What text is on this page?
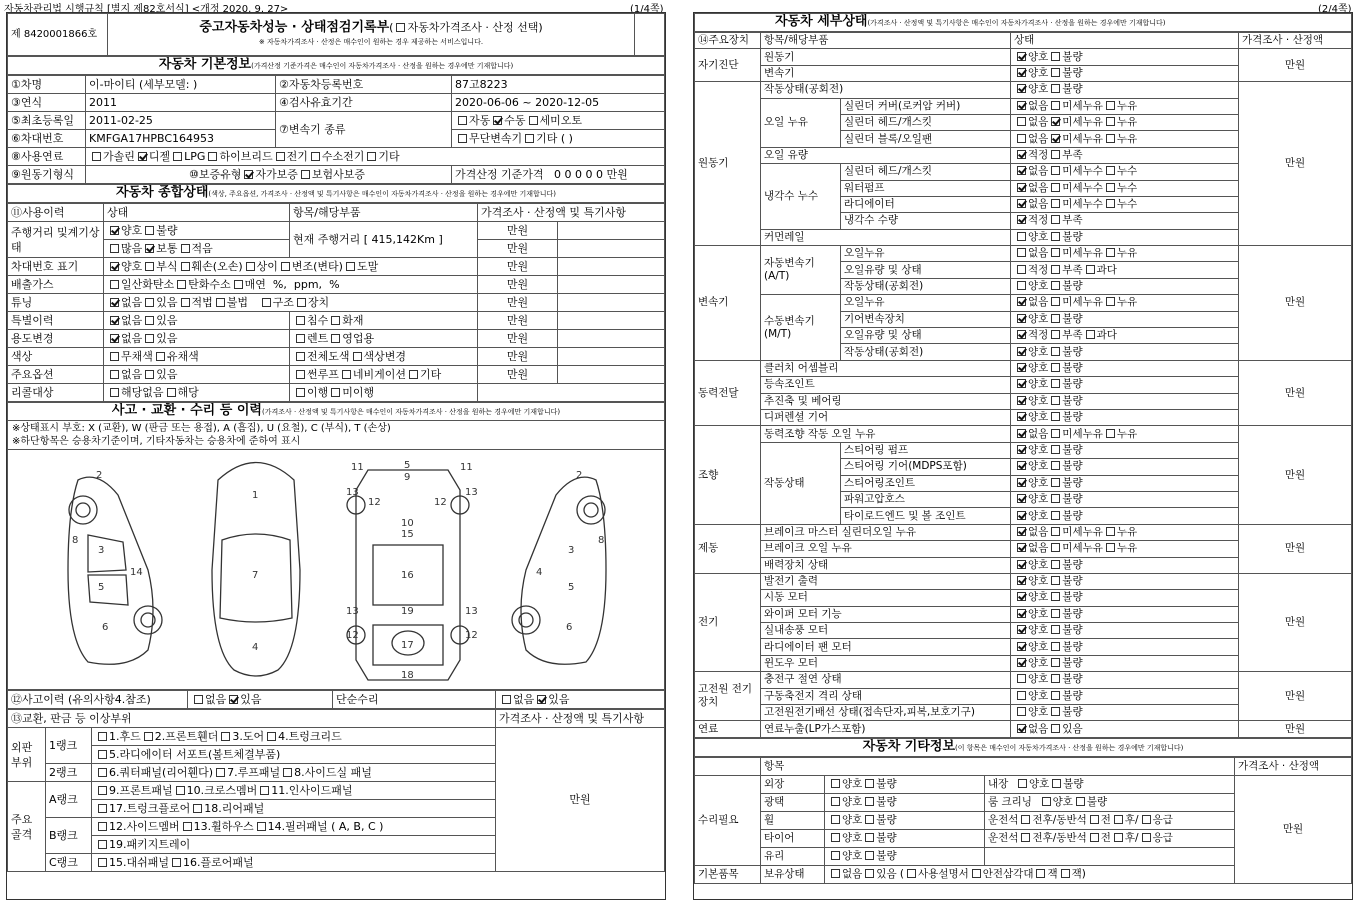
자동차관리법 시행규칙 [별지 제82호서식] <개정 2020. 9. 27>	(1/4쪽)	(2/4쪽)
제 8420001866호	중고자동차성능 · 상태점검기록부( 자동차가격조사 · 산정 선택)
※ 자동차가격조사 · 산정은 매수인이 원하는 경우 제공하는 서비스입니다.

자동차 기본정보(가격산정 기준가격은 매수인이 자동차가격조사 · 산정을 원하는 경우에만 기재합니다)
①차명	이-마이티 (세부모델: )	②자동차등록번호	87고8223
③연식	2011	④검사유효기간	2020-06-06 ~ 2020-12-05
⑤최초등록일	2011-02-25	⑦변속기 종류	자동 수동 세미오토
⑥차대번호	KMFGA17HPBC164953		무단변속기 기타 ( )
⑧사용연료	가솔린 디젤 LPG 하이브리드 전기 수소전기 기타		
⑨원동기형식	⑩보증유형 자가보증 보험사보증		가격산정 기준가격 0 0 0 0 0 만원
자동차 종합상태(색상, 주요옵션, 가격조사 · 산정액 및 특기사항은 매수인이 자동차가격조사 · 산정을 원하는 경우에만 기재합니다)
⑪사용이력	상태	항목/해당부품	가격조사 · 산정액 및 특기사항	
주행거리 및계기상태	양호 불량	현재 주행거리 [ 415,142Km ]	만원	
	많음 보통 적음		만원	
차대번호 표기	양호 부식 훼손(오손) 상이 변조(변타) 도말		만원	
배출가스	일산화탄소 탄화수소 매연 %, ppm, %		만원	
튜닝	없음 있음 적법 불법 구조 장치		만원	
특별이력	없음 있음	침수 화재	만원	
용도변경	없음 있음	렌트 영업용	만원	
색상	무채색 유채색	전체도색 색상변경	만원	
주요옵션	없음 있음	썬루프 네비게이션 기타	만원	
리콜대상	해당없음 해당	이행 미이행		
사고 · 교환 · 수리 등 이력(가격조사 · 산정액 및 특기사항은 매수인이 자동차가격조사 · 산정을 원하는 경우에만 기재합니다)
※상태표시 부호: X (교환), W (판금 또는 용접), A (흠집), U (요철), C (부식), T (손상)
※하단항목은 승용차기준이며, 기타자동차는 승용차에 준하여 표시
2
8
3
5
14
6
1
7
4
5
9
11	11
13	13
12	12
10
15
16
13	13
19
12	12
17
18
2
8
3
5
4
6
⑫사고이력 (유의사항4.참조)	없음 있음	단순수리	없음 있음
⑬교환, 판금 등 이상부위			가격조사 · 산정액 및 특기사항
외판 부위	1랭크	1.후드 2.프론트휀더 3.도어 4.트렁크리드	만원
		5.라디에이터 서포트(볼트체결부품)	
	2랭크	6.쿼터패널(리어휀다) 7.루프패널 8.사이드실 패널	
주요 골격	A랭크	9.프론트패널 10.크로스멤버 11.인사이드패널	
		17.트렁크플로어 18.리어패널	
	B랭크	12.사이드멤버 13.휠하우스 14.필러패널 ( A, B, C )	
		19.패키지트레이	
	C랭크	15.대쉬패널 16.플로어패널	
자동차 세부상태(가격조사 · 산정액 및 특기사항은 매수인이 자동차가격조사 · 산정을 원하는 경우에만 기재합니다)
⑭주요장치	항목/해당부품		상태	가격조사 · 산정액
자기진단	원동기		양호 불량	만원
	변속기		양호 불량	
원동기	작동상태(공회전)		양호 불량	만원
	오일 누유	실린더 커버(로커암 커버)	없음 미세누유 누유	
		실린더 헤드/개스킷	없음 미세누유 누유	
		실린더 블록/오일팬	없음 미세누유 누유	
	오일 유량		적정 부족	
	냉각수 누수	실린더 헤드/개스킷	없음 미세누수 누수	
		워터펌프	없음 미세누수 누수	
		라디에이터	없음 미세누수 누수	
		냉각수 수량	적정 부족	
	커먼레일		양호 불량	
변속기	자동변속기 (A/T)	오일누유	없음 미세누유 누유	만원
		오일유량 및 상태	적정 부족 과다	
		작동상태(공회전)	양호 불량	
	수동변속기 (M/T)	오일누유	없음 미세누유 누유	
		기어변속장치	양호 불량	
		오일유량 및 상태	적정 부족 과다	
		작동상태(공회전)	양호 불량	
동력전달	클러치 어셈블리		양호 불량	만원
	등속조인트		양호 불량	
	추진축 및 베어링		양호 불량	
	디퍼렌셜 기어		양호 불량	
조향	동력조향 작동 오일 누유		없음 미세누유 누유	만원
	작동상태	스티어링 펌프	양호 불량	
		스티어링 기어(MDPS포함)	양호 불량	
		스티어링조인트	양호 불량	
		파워고압호스	양호 불량	
		타이로드엔드 및 볼 조인트	양호 불량	
제동	브레이크 마스터 실린더오일 누유		없음 미세누유 누유	만원
	브레이크 오일 누유		없음 미세누유 누유	
	배력장치 상태		양호 불량	
전기	발전기 출력		양호 불량	만원
	시동 모터		양호 불량	
	와이퍼 모터 기능		양호 불량	
	실내송풍 모터		양호 불량	
	라디에이터 팬 모터		양호 불량	
	윈도우 모터		양호 불량	
고전원 전기장치	충전구 절연 상태		양호 불량	만원
	구동축전지 격리 상태		양호 불량	
	고전원전기배선 상태(접속단자,피복,보호기구)		양호 불량	
연료	연료누출(LP가스포함)		없음 있음	만원
자동차 기타정보(이 항목은 매수인이 자동차가격조사 · 산정을 원하는 경우에만 기재합니다)
	항목			가격조사 · 산정액
수리필요	외장	양호 불량	내장 양호 불량	만원
	광택	양호 불량	룸 크리닝 양호 불량	
	휠	양호 불량	운전석 전후/동반석 전 후/ 응급	
	타이어	양호 불량	운전석 전후/동반석 전 후/ 응급	
	유리	양호 불량		
기본품목	보유상태	없음 있음 ( 사용설명서 안전삼각대 잭 잭)		
